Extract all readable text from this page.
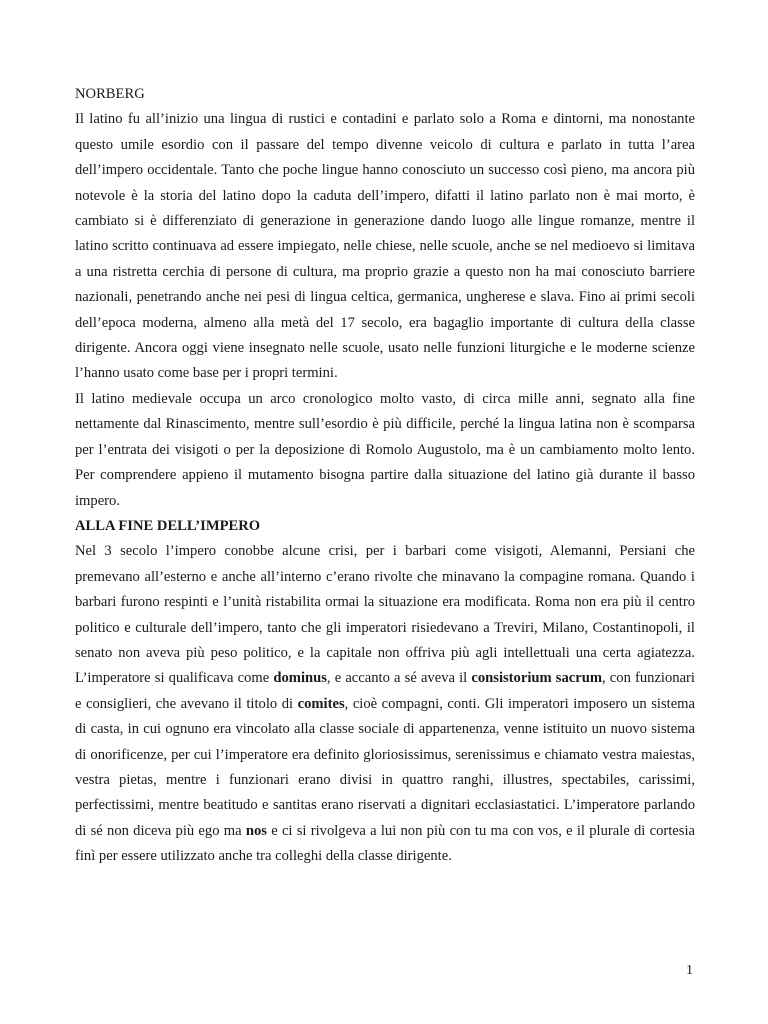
NORBERG

Il latino fu all’inizio una lingua di rustici e contadini e parlato solo a Roma e dintorni, ma nonostante questo umile esordio con il passare del tempo divenne veicolo di cultura e parlato in tutta l’area dell’impero occidentale. Tanto che poche lingue hanno conosciuto un successo così pieno, ma ancora più notevole è la storia del latino dopo la caduta dell’impero, difatti il latino parlato non è mai morto, è cambiato si è differenziato di generazione in generazione dando luogo alle lingue romanze, mentre il latino scritto continuava ad essere impiegato, nelle chiese, nelle scuole, anche se nel medioevo si limitava a una ristretta cerchia di persone di cultura, ma proprio grazie a questo non ha mai conosciuto barriere nazionali, penetrando anche nei pesi di lingua celtica, germanica, ungherese e slava. Fino ai primi secoli dell’epoca moderna, almeno alla metà del 17 secolo, era bagaglio importante di cultura della classe dirigente. Ancora oggi viene insegnato nelle scuole, usato nelle funzioni liturgiche e le moderne scienze l’hanno usato come base per i propri termini.

Il latino medievale occupa un arco cronologico molto vasto, di circa mille anni, segnato alla fine nettamente dal Rinascimento, mentre sull’esordio è più difficile, perché la lingua latina non è scomparsa per l’entrata dei visigoti o per la deposizione di Romolo Augustolo, ma è un cambiamento molto lento. Per comprendere appieno il mutamento bisogna partire dalla situazione del latino già durante il basso impero.

ALLA FINE DELL’IMPERO

Nel 3 secolo l’impero conobbe alcune crisi, per i barbari come visigoti, Alemanni, Persiani che premevano all’esterno e anche all’interno c’erano rivolte che minavano la compagine romana. Quando i barbari furono respinti e l’unità ristabilita ormai la situazione era modificata. Roma non era più il centro politico e culturale dell’impero, tanto che gli imperatori risiedevano a Treviri, Milano, Costantinopoli, il senato non aveva più peso politico, e la capitale non offriva più agli intellettuali una certa agiatezza. L’imperatore si qualificava come dominus, e accanto a sé aveva il consistorium sacrum, con funzionari e consiglieri, che avevano il titolo di comites, cioè compagni, conti. Gli imperatori imposero un sistema di casta, in cui ognuno era vincolato alla classe sociale di appartenenza, venne istituito un nuovo sistema di onorificenze, per cui l’imperatore era definito gloriosissimus, serenissimus e chiamato vestra maiestas, vestra pietas, mentre i funzionari erano divisi in quattro ranghi, illustres, spectabiles, carissimi, perfectissimi, mentre beatitudo e santitas erano riservati a dignitari ecclasiastatici. L’imperatore parlando di sé non diceva più ego ma nos e ci si rivolgeva a lui non più con tu ma con vos, e il plurale di cortesia finì per essere utilizzato anche tra colleghi della classe dirigente.

1
